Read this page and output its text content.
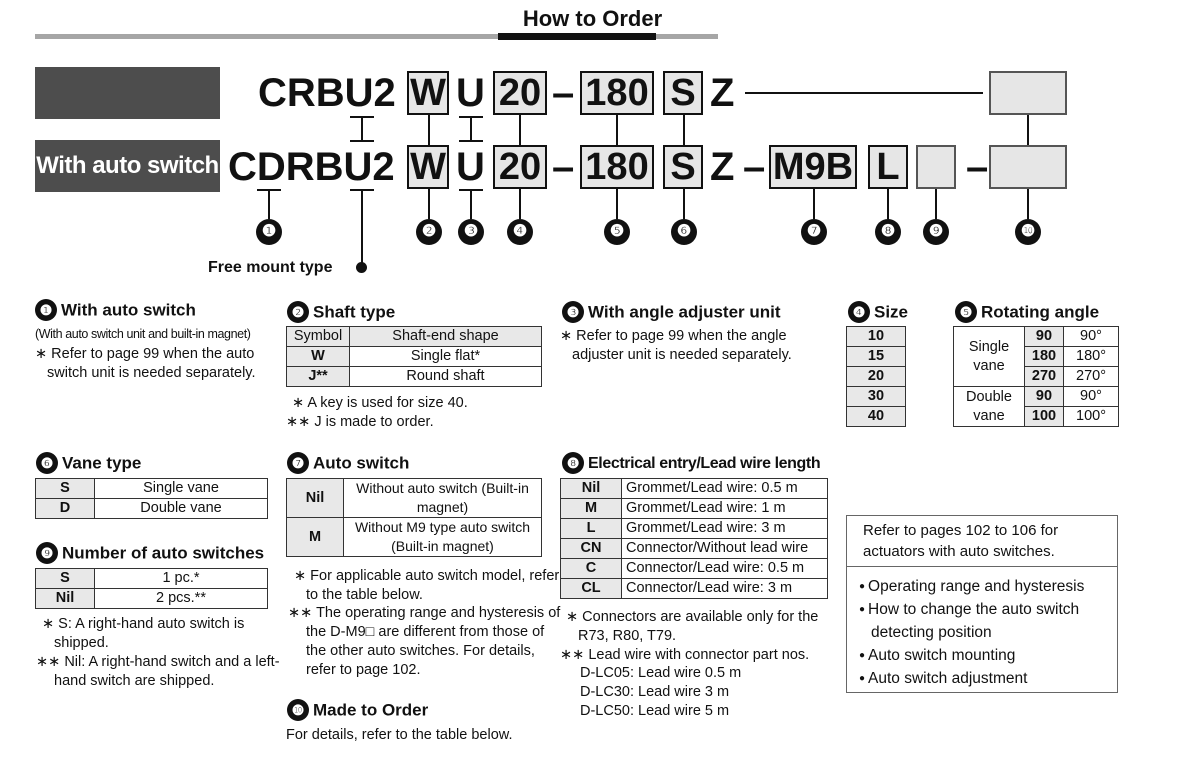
How to Order
CRBU2 W U 20 – 180 S Z
With auto switch CDRBU2 W U 20 – 180 S Z – M9B L –
❶	❷	❸	❹	❺	❻	❼	❽	❾	❿
Free mount type
❶ With auto switch
(With auto switch unit and built-in magnet)
∗ Refer to page 99 when the auto switch unit is needed separately.
❷ Shaft type
Symbol	Shaft-end shape
W	Single flat*
J**	Round shaft
∗ A key is used for size 40.
∗∗ J is made to order.
❸ With angle adjuster unit
∗ Refer to page 99 when the angle adjuster unit is needed separately.
❹ Size
10
15
20
30
40
❺ Rotating angle
Single vane	90	90°
	180	180°
	270	270°
Double vane	90	90°
	100	100°
❻ Vane type
S	Single vane
D	Double vane
❾ Number of auto switches
S	1 pc.*
Nil	2 pcs.**
∗ S: A right-hand auto switch is shipped.
∗∗ Nil: A right-hand switch and a left-hand switch are shipped.
❼ Auto switch
Nil	Without auto switch (Built-in magnet)
M	Without M9 type auto switch (Built-in magnet)
∗ For applicable auto switch model, refer to the table below.
∗∗ The operating range and hysteresis of the D-M9□ are different from those of the other auto switches. For details, refer to page 102.
❿ Made to Order
For details, refer to the table below.
❽ Electrical entry/Lead wire length
Nil	Grommet/Lead wire: 0.5 m
M	Grommet/Lead wire: 1 m
L	Grommet/Lead wire: 3 m
CN	Connector/Without lead wire
C	Connector/Lead wire: 0.5 m
CL	Connector/Lead wire: 3 m
∗ Connectors are available only for the R73, R80, T79.
∗∗ Lead wire with connector part nos.
D-LC05: Lead wire 0.5 m
D-LC30: Lead wire 3 m
D-LC50: Lead wire 5 m
Refer to pages 102 to 106 for actuators with auto switches.
● Operating range and hysteresis
● How to change the auto switch detecting position
● Auto switch mounting
● Auto switch adjustment
